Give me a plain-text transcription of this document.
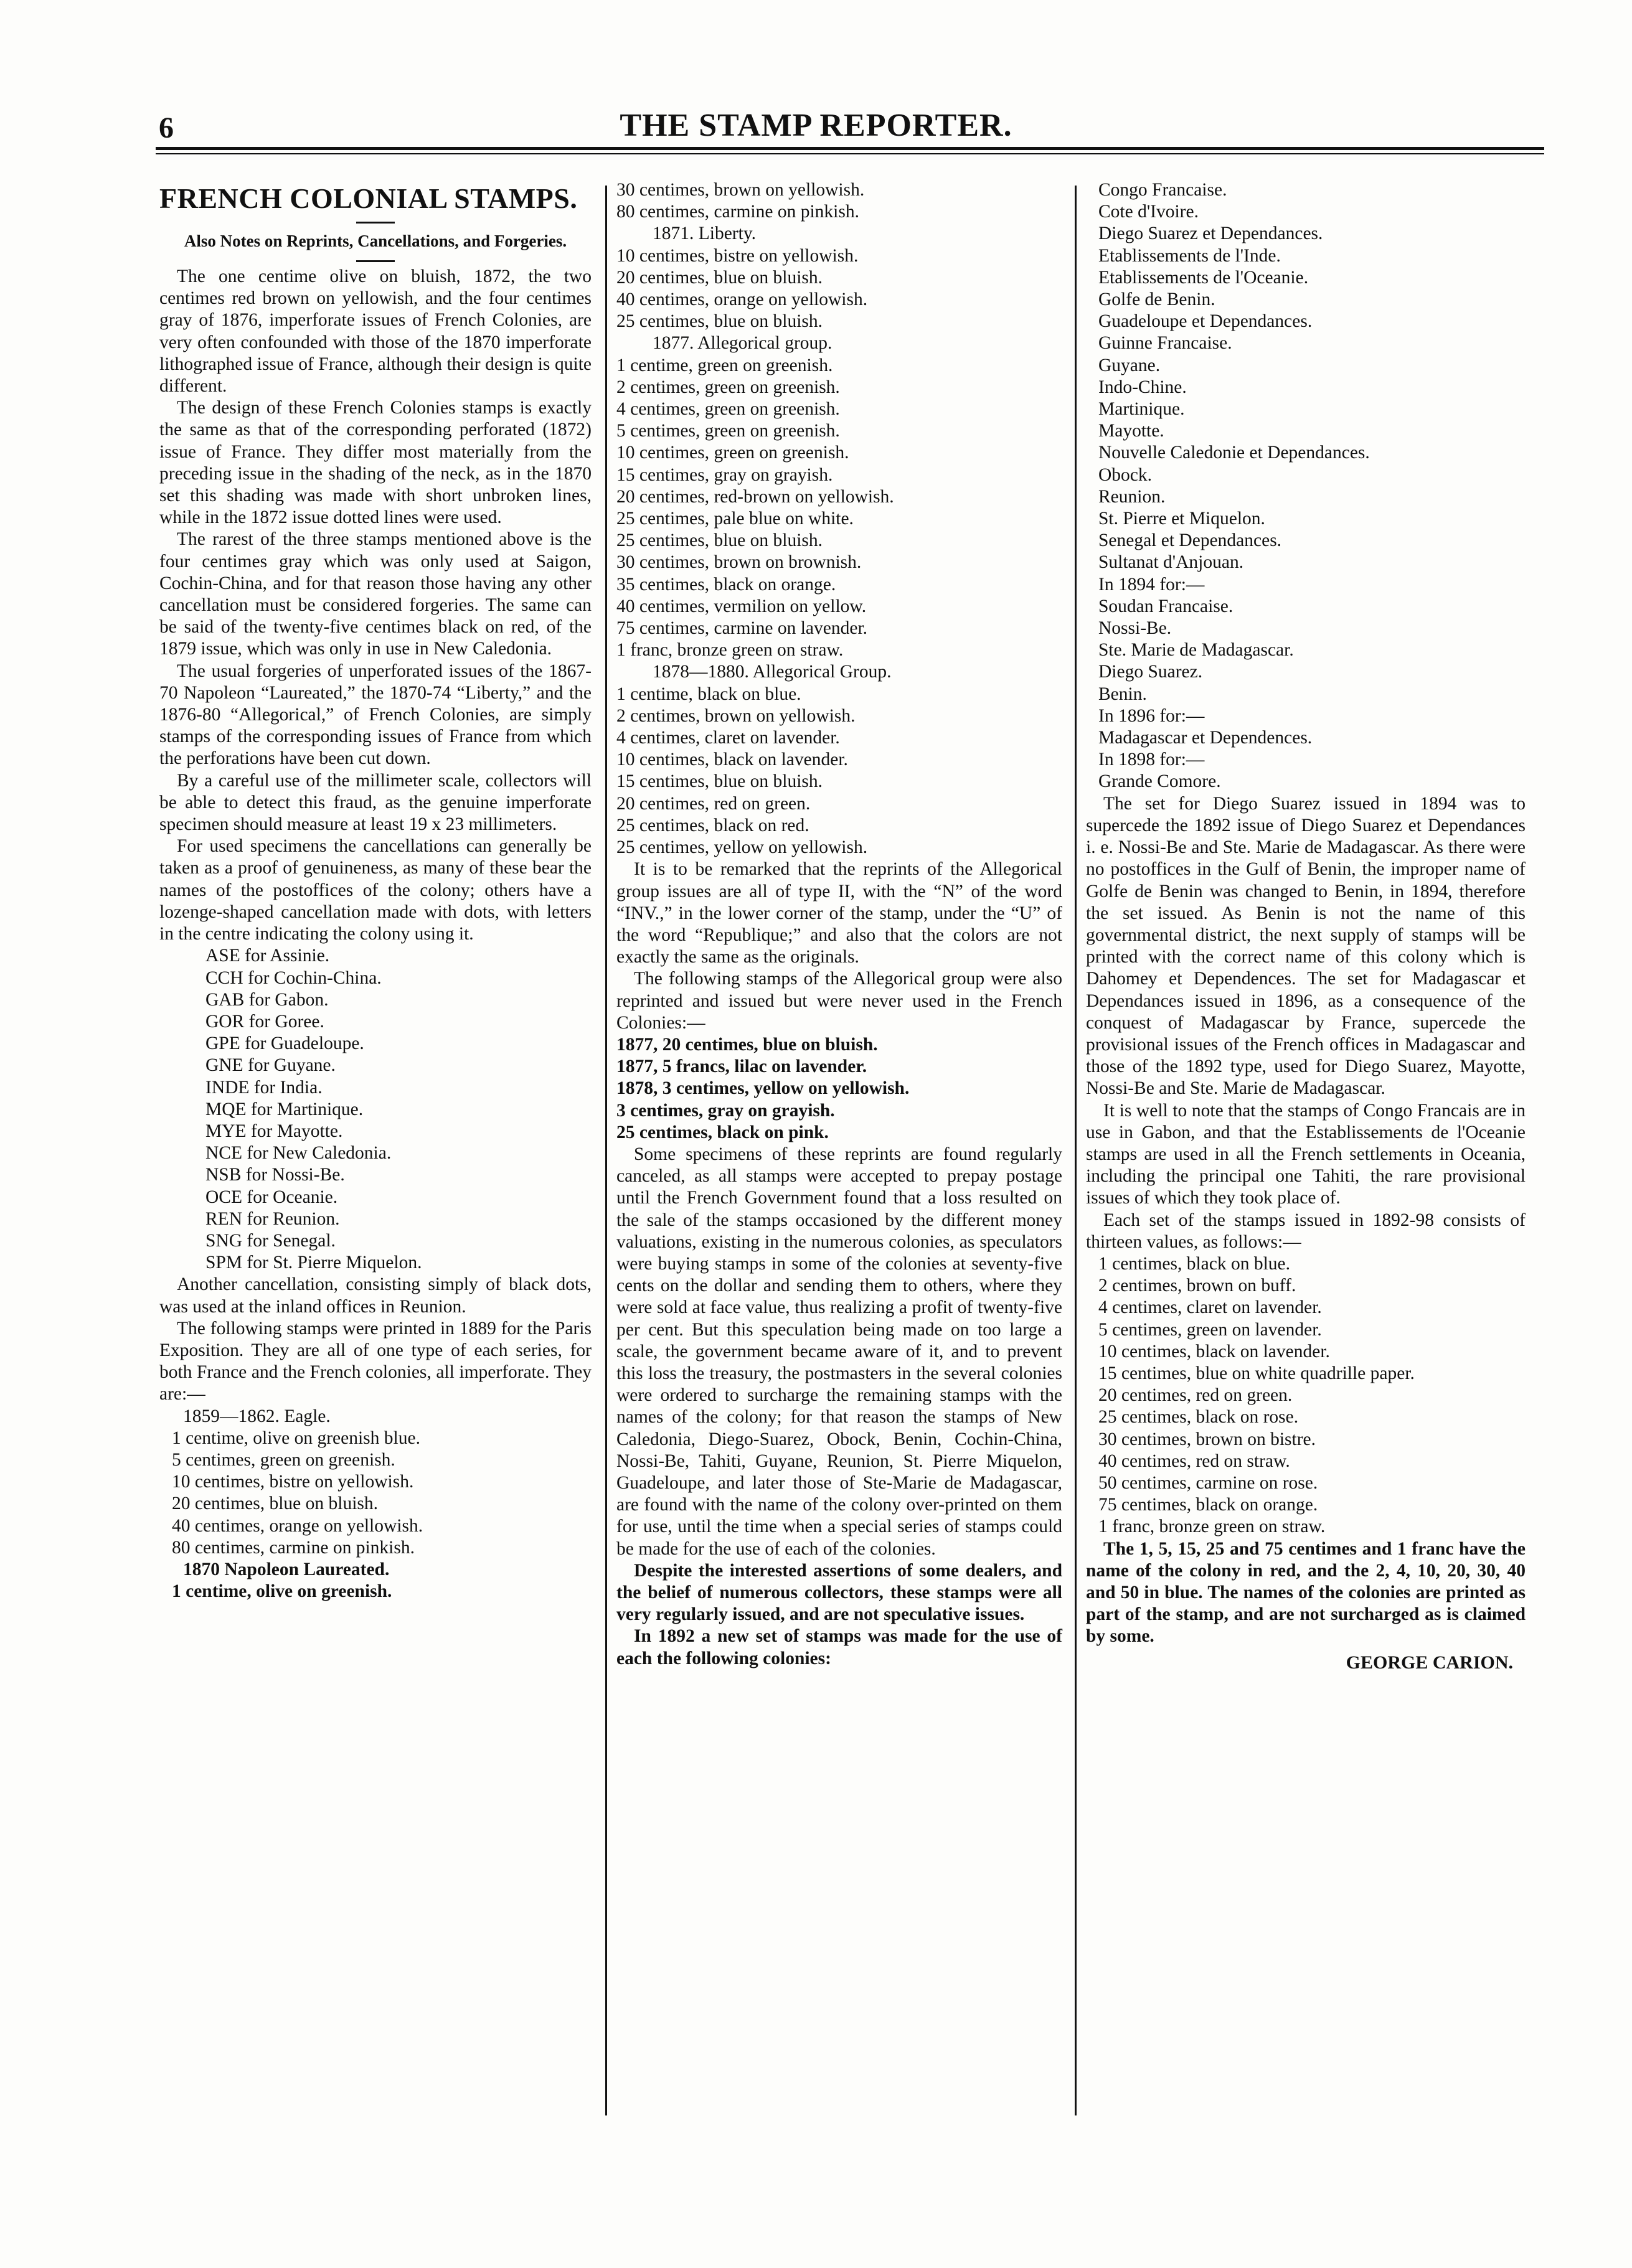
6	THE STAMP REPORTER.
FRENCH COLONIAL STAMPS.
Also Notes on Reprints, Cancellations, and Forgeries.

The one centime olive on bluish, 1872, the two centimes red brown on yellowish, and the four centimes gray of 1876, imperforate issues of French Colonies, are very often confounded with those of the 1870 imperforate lithographed issue of France, although their design is quite different.

The design of these French Colonies stamps is exactly the same as that of the corresponding perforated (1872) issue of France. They differ most materially from the preceding issue in the shading of the neck, as in the 1870 set this shading was made with short unbroken lines, while in the 1872 issue dotted lines were used.

The rarest of the three stamps mentioned above is the four centimes gray which was only used at Saigon, Cochin-China, and for that reason those having any other cancellation must be considered forgeries. The same can be said of the twenty-five centimes black on red, of the 1879 issue, which was only in use in New Caledonia.

The usual forgeries of unperforated issues of the 1867-70 Napoleon “Laureated,” the 1870-74 “Liberty,” and the 1876-80 “Allegorical,” of French Colonies, are simply stamps of the corresponding issues of France from which the perforations have been cut down.

By a careful use of the millimeter scale, collectors will be able to detect this fraud, as the genuine imperforate specimen should measure at least 19 x 23 millimeters.

For used specimens the cancellations can generally be taken as a proof of genuineness, as many of these bear the names of the postoffices of the colony; others have a lozenge-shaped cancellation made with dots, with letters in the centre indicating the colony using it.

ASE for Assinie.
CCH for Cochin-China.
GAB for Gabon.
GOR for Goree.
GPE for Guadeloupe.
GNE for Guyane.
INDE for India.
MQE for Martinique.
MYE for Mayotte.
NCE for New Caledonia.
NSB for Nossi-Be.
OCE for Oceanie.
REN for Reunion.
SNG for Senegal.
SPM for St. Pierre Miquelon.

Another cancellation, consisting simply of black dots, was used at the inland offices in Reunion.

The following stamps were printed in 1889 for the Paris Exposition. They are all of one type of each series, for both France and the French colonies, all imperforate. They are:—

1859—1862. Eagle.
1 centime, olive on greenish blue.
5 centimes, green on greenish.
10 centimes, bistre on yellowish.
20 centimes, blue on bluish.
40 centimes, orange on yellowish.
80 centimes, carmine on pinkish.
1870 Napoleon Laureated.
1 centime, olive on greenish.
30 centimes, brown on yellowish.
80 centimes, carmine on pinkish.
1871. Liberty.
10 centimes, bistre on yellowish.
20 centimes, blue on bluish.
40 centimes, orange on yellowish.
25 centimes, blue on bluish.
1877. Allegorical group.
1 centime, green on greenish.
2 centimes, green on greenish.
4 centimes, green on greenish.
5 centimes, green on greenish.
10 centimes, green on greenish.
15 centimes, gray on grayish.
20 centimes, red-brown on yellowish.
25 centimes, pale blue on white.
25 centimes, blue on bluish.
30 centimes, brown on brownish.
35 centimes, black on orange.
40 centimes, vermilion on yellow.
75 centimes, carmine on lavender.
1 franc, bronze green on straw.
1878—1880. Allegorical Group.
1 centime, black on blue.
2 centimes, brown on yellowish.
4 centimes, claret on lavender.
10 centimes, black on lavender.
15 centimes, blue on bluish.
20 centimes, red on green.
25 centimes, black on red.
25 centimes, yellow on yellowish.

It is to be remarked that the reprints of the Allegorical group issues are all of type II, with the “N” of the word “INV.,” in the lower corner of the stamp, under the “U” of the word “Republique;” and also that the colors are not exactly the same as the originals.

The following stamps of the Allegorical group were also reprinted and issued but were never used in the French Colonies:—

1877, 20 centimes, blue on bluish.
1877, 5 francs, lilac on lavender.
1878, 3 centimes, yellow on yellowish.
3 centimes, gray on grayish.
25 centimes, black on pink.

Some specimens of these reprints are found regularly canceled, as all stamps were accepted to prepay postage until the French Government found that a loss resulted on the sale of the stamps occasioned by the different money valuations, existing in the numerous colonies, as speculators were buying stamps in some of the colonies at seventy-five cents on the dollar and sending them to others, where they were sold at face value, thus realizing a profit of twenty-five per cent. But this speculation being made on too large a scale, the government became aware of it, and to prevent this loss the treasury, the postmasters in the several colonies were ordered to surcharge the remaining stamps with the names of the colony; for that reason the stamps of New Caledonia, Diego-Suarez, Obock, Benin, Cochin-China, Nossi-Be, Tahiti, Guyane, Reunion, St. Pierre Miquelon, Guadeloupe, and later those of Ste-Marie de Madagascar, are found with the name of the colony over-printed on them for use, until the time when a special series of stamps could be made for the use of each of the colonies.

Despite the interested assertions of some dealers, and the belief of numerous collectors, these stamps were all very regularly issued, and are not speculative issues.

In 1892 a new set of stamps was made for the use of each the following colonies:

Congo Francaise.
Cote d'Ivoire.
Diego Suarez et Dependances.
Etablissements de l'Inde.
Etablissements de l'Oceanie.
Golfe de Benin.
Guadeloupe et Dependances.
Guinne Francaise.
Guyane.
Indo-Chine.
Martinique.
Mayotte.
Nouvelle Caledonie et Dependances.
Obock.
Reunion.
St. Pierre et Miquelon.
Senegal et Dependances.
Sultanat d'Anjouan.
In 1894 for:—
Soudan Francaise.
Nossi-Be.
Ste. Marie de Madagascar.
Diego Suarez.
Benin.
In 1896 for:—
Madagascar et Dependences.
In 1898 for:—
Grande Comore.

The set for Diego Suarez issued in 1894 was to supercede the 1892 issue of Diego Suarez et Dependances i. e. Nossi-Be and Ste. Marie de Madagascar. As there were no postoffices in the Gulf of Benin, the improper name of Golfe de Benin was changed to Benin, in 1894, therefore the set issued. As Benin is not the name of this governmental district, the next supply of stamps will be printed with the correct name of this colony which is Dahomey et Dependences. The set for Madagascar et Dependances issued in 1896, as a consequence of the conquest of Madagascar by France, supercede the provisional issues of the French offices in Madagascar and those of the 1892 type, used for Diego Suarez, Mayotte, Nossi-Be and Ste. Marie de Madagascar.

It is well to note that the stamps of Congo Francais are in use in Gabon, and that the Establissements de l'Oceanie stamps are used in all the French settlements in Oceania, including the principal one Tahiti, the rare provisional issues of which they took place of.

Each set of the stamps issued in 1892-98 consists of thirteen values, as follows:—

1 centimes, black on blue.
2 centimes, brown on buff.
4 centimes, claret on lavender.
5 centimes, green on lavender.
10 centimes, black on lavender.
15 centimes, blue on white quadrille paper.
20 centimes, red on green.
25 centimes, black on rose.
30 centimes, brown on bistre.
40 centimes, red on straw.
50 centimes, carmine on rose.
75 centimes, black on orange.
1 franc, bronze green on straw.

The 1, 5, 15, 25 and 75 centimes and 1 franc have the name of the colony in red, and the 2, 4, 10, 20, 30, 40 and 50 in blue. The names of the colonies are printed as part of the stamp, and are not surcharged as is claimed by some.

GEORGE CARION.
